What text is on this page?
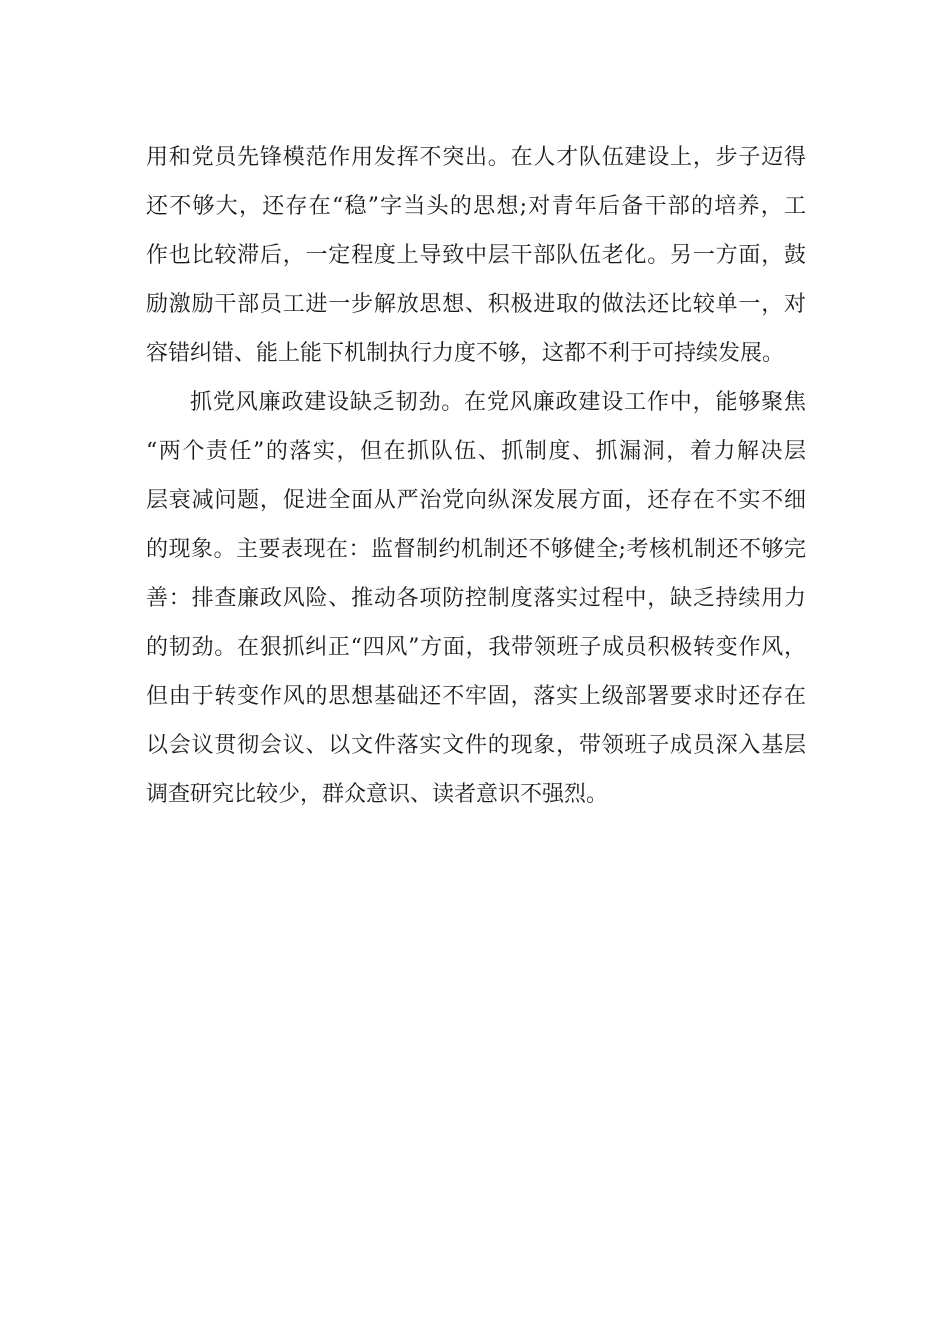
用和党员先锋模范作用发挥不突出。在人才队伍建设上，步子迈得
还不够大，还存在“稳”字当头的思想;对青年后备干部的培养，工
作也比较滞后，一定程度上导致中层干部队伍老化。另一方面，鼓
励激励干部员工进一步解放思想、积极进取的做法还比较单一，对
容错纠错、能上能下机制执行力度不够，这都不利于可持续发展。
抓党风廉政建设缺乏韧劲。在党风廉政建设工作中，能够聚焦
“两个责任”的落实，但在抓队伍、抓制度、抓漏洞，着力解决层
层衰减问题，促进全面从严治党向纵深发展方面，还存在不实不细
的现象。主要表现在：监督制约机制还不够健全;考核机制还不够完
善：排查廉政风险、推动各项防控制度落实过程中，缺乏持续用力
的韧劲。在狠抓纠正“四风”方面，我带领班子成员积极转变作风，
但由于转变作风的思想基础还不牢固，落实上级部署要求时还存在
以会议贯彻会议、以文件落实文件的现象，带领班子成员深入基层
调查研究比较少，群众意识、读者意识不强烈。
